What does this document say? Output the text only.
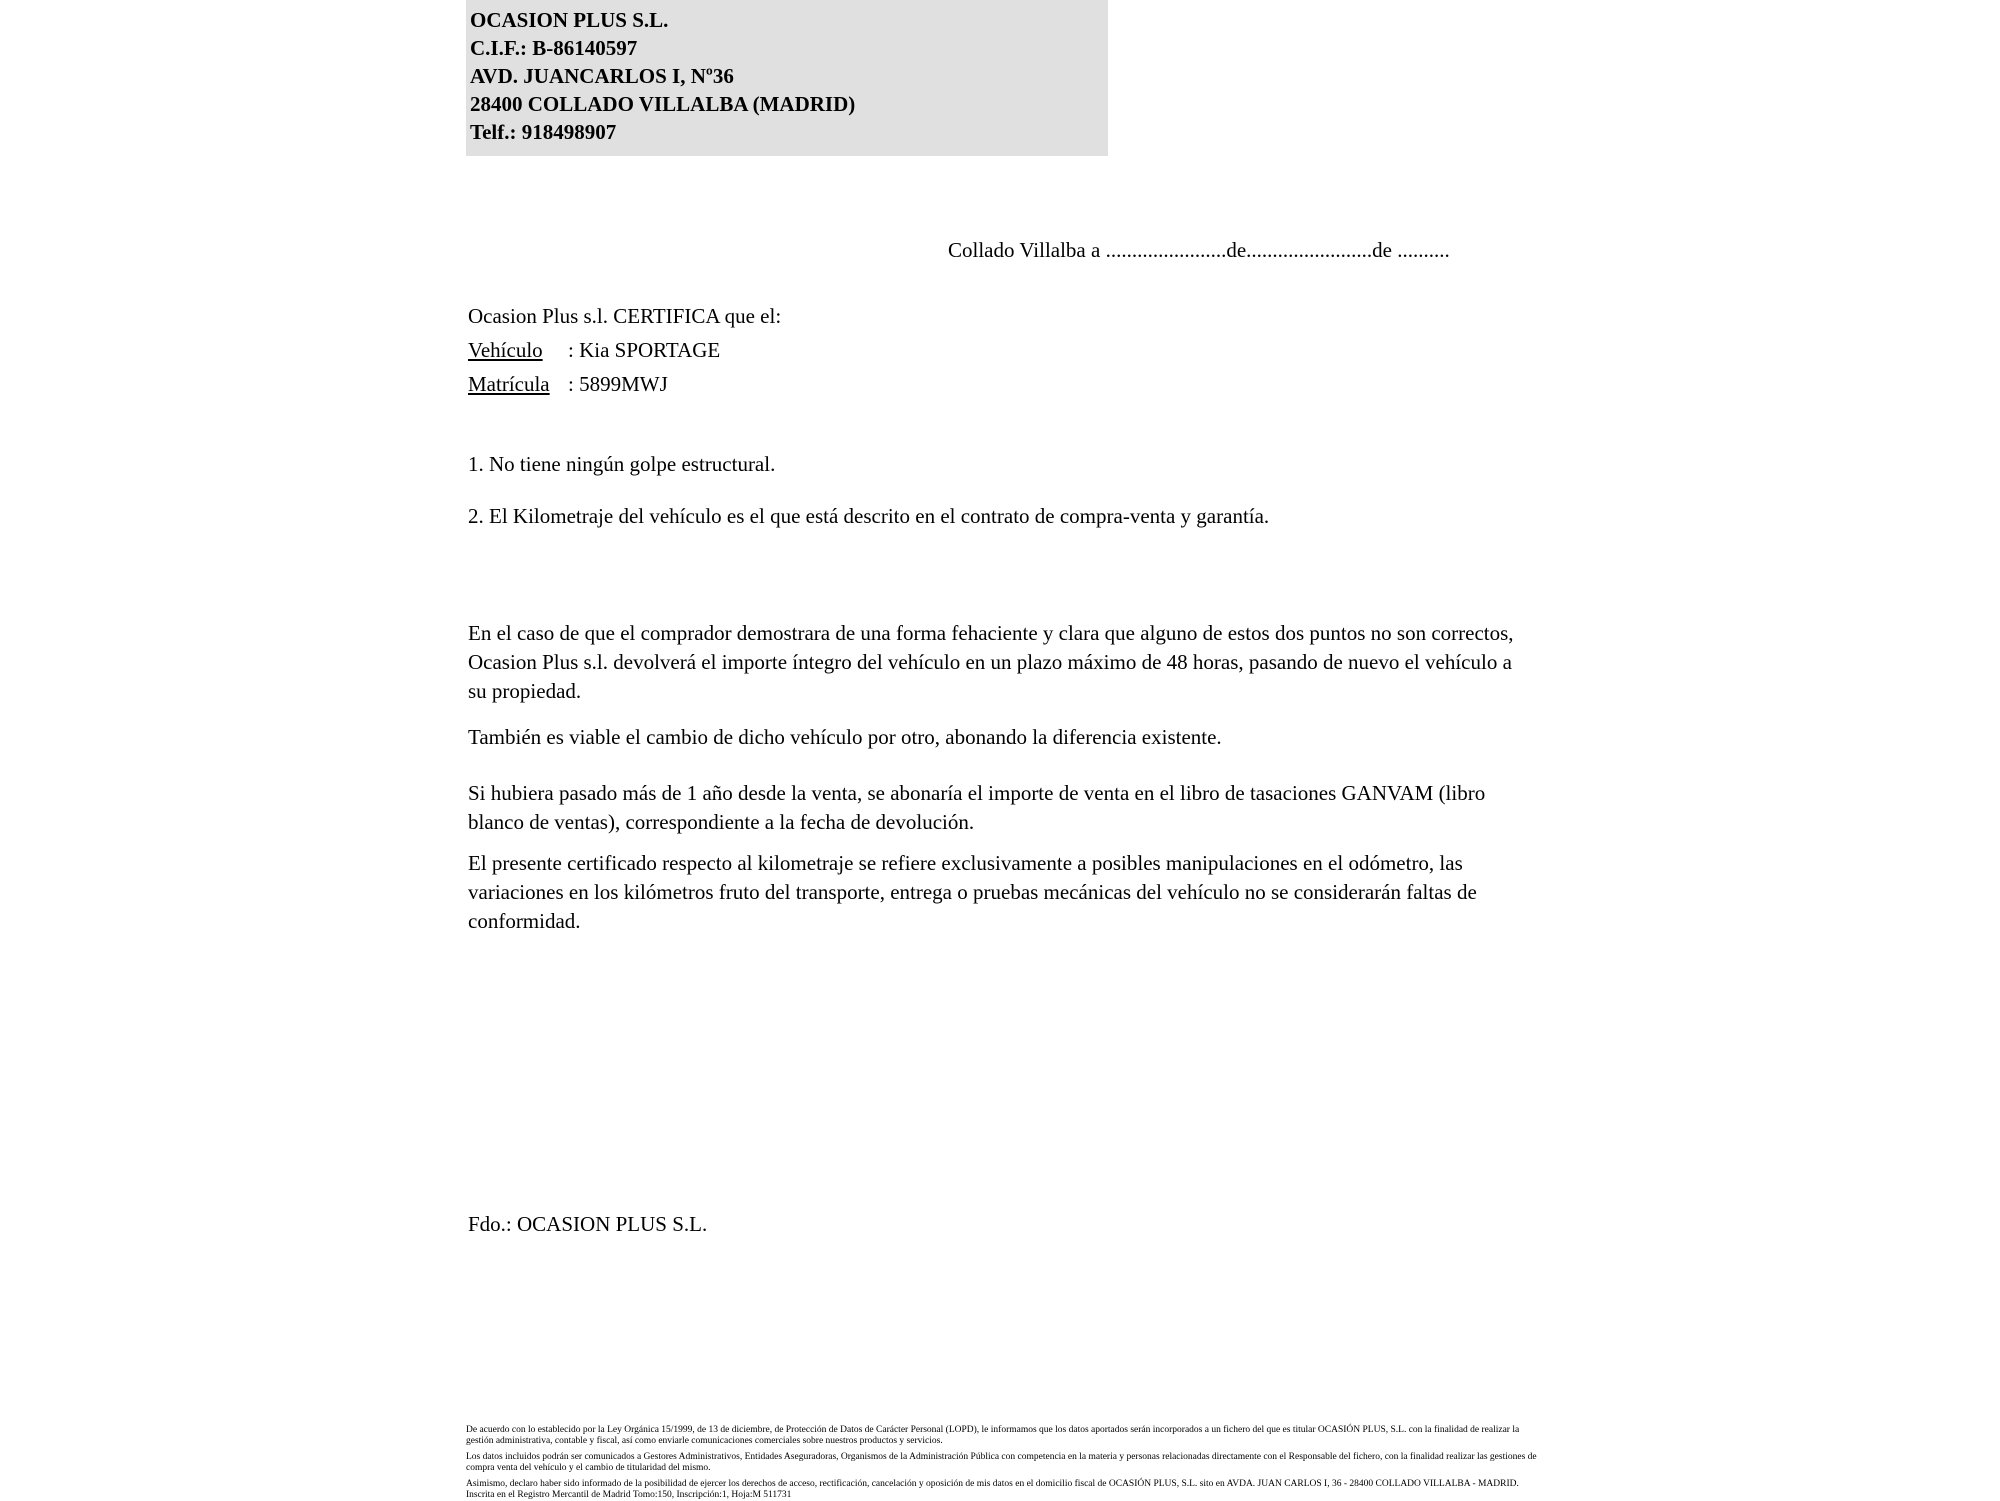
OCASION PLUS S.L.
C.I.F.: B-86140597
AVD. JUANCARLOS I, Nº36
28400 COLLADO VILLALBA (MADRID)
Telf.: 918498907
Collado Villalba a .......................de........................de ..........
Ocasion Plus s.l. CERTIFICA que el:
Vehículo : Kia SPORTAGE
Matrícula : 5899MWJ
1. No tiene ningún golpe estructural.
2. El Kilometraje del vehículo es el que está descrito en el contrato de compra-venta y garantía.
En el caso de que el comprador demostrara de una forma fehaciente y clara que alguno de estos dos puntos no son correctos, Ocasion Plus s.l. devolverá el importe íntegro del vehículo en un plazo máximo de 48 horas, pasando de nuevo el vehículo a su propiedad.
También es viable el cambio de dicho vehículo por otro, abonando la diferencia existente.
Si hubiera pasado más de 1 año desde la venta, se abonaría el importe de venta en el libro de tasaciones GANVAM (libro blanco de ventas), correspondiente a la fecha de devolución.
El presente certificado respecto al kilometraje se refiere exclusivamente a posibles manipulaciones en el odómetro, las variaciones en los kilómetros fruto del transporte, entrega o pruebas mecánicas del vehículo no se considerarán faltas de conformidad.
Fdo.: OCASION PLUS S.L.

De acuerdo con lo establecido por la Ley Orgánica 15/1999, de 13 de diciembre, de Protección de Datos de Carácter Personal (LOPD), le informamos que los datos aportados serán incorporados a un fichero del que es titular OCASIÓN PLUS, S.L. con la finalidad de realizar la gestión administrativa, contable y fiscal, así como enviarle comunicaciones comerciales sobre nuestros productos y servicios.

Los datos incluidos podrán ser comunicados a Gestores Administrativos, Entidades Aseguradoras, Organismos de la Administración Pública con competencia en la materia y personas relacionadas directamente con el Responsable del fichero, con la finalidad realizar las gestiones de compra venta del vehículo y el cambio de titularidad del mismo.

Asimismo, declaro haber sido informado de la posibilidad de ejercer los derechos de acceso, rectificación, cancelación y oposición de mis datos en el domicilio fiscal de OCASIÓN PLUS, S.L. sito en AVDA. JUAN CARLOS I, 36 - 28400 COLLADO VILLALBA - MADRID. Inscrita en el Registro Mercantil de Madrid Tomo:150, Inscripción:1, Hoja:M 511731
